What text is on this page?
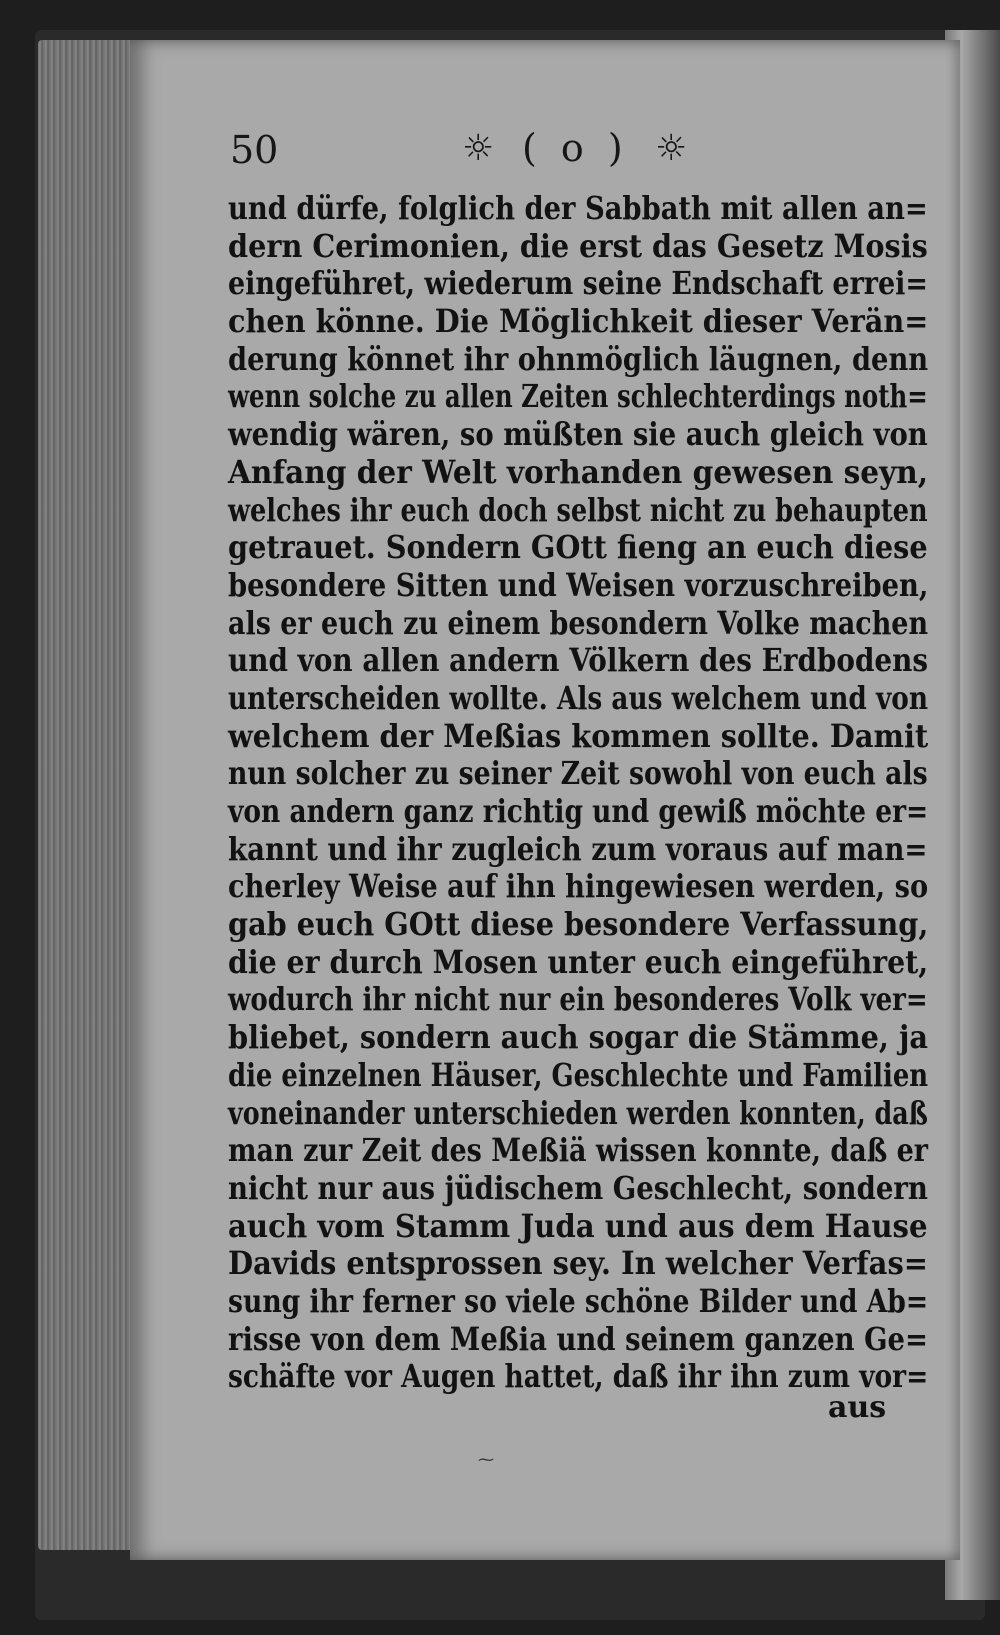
50	☼ ( o ) ☼
und dürfe, folglich der Sabbath mit allen an=
dern Cerimonien, die erst das Gesetz Mosis
eingeführet, wiederum seine Endschaft errei=
chen könne. Die Möglichkeit dieser Verän=
derung könnet ihr ohnmöglich läugnen, denn
wenn solche zu allen Zeiten schlechterdings noth=
wendig wären, so müßten sie auch gleich von
Anfang der Welt vorhanden gewesen seyn,
welches ihr euch doch selbst nicht zu behaupten
getrauet. Sondern GOtt fieng an euch diese
besondere Sitten und Weisen vorzuschreiben,
als er euch zu einem besondern Volke machen
und von allen andern Völkern des Erdbodens
unterscheiden wollte. Als aus welchem und von
welchem der Meßias kommen sollte. Damit
nun solcher zu seiner Zeit sowohl von euch als
von andern ganz richtig und gewiß möchte er=
kannt und ihr zugleich zum voraus auf man=
cherley Weise auf ihn hingewiesen werden, so
gab euch GOtt diese besondere Verfassung,
die er durch Mosen unter euch eingeführet,
wodurch ihr nicht nur ein besonderes Volk ver=
bliebet, sondern auch sogar die Stämme, ja
die einzelnen Häuser, Geschlechte und Familien
voneinander unterschieden werden konnten, daß
man zur Zeit des Meßiä wissen konnte, daß er
nicht nur aus jüdischem Geschlecht, sondern
auch vom Stamm Juda und aus dem Hause
Davids entsprossen sey. In welcher Verfas=
sung ihr ferner so viele schöne Bilder und Ab=
risse von dem Meßia und seinem ganzen Ge=
schäfte vor Augen hattet, daß ihr ihn zum vor=
aus
⁓
